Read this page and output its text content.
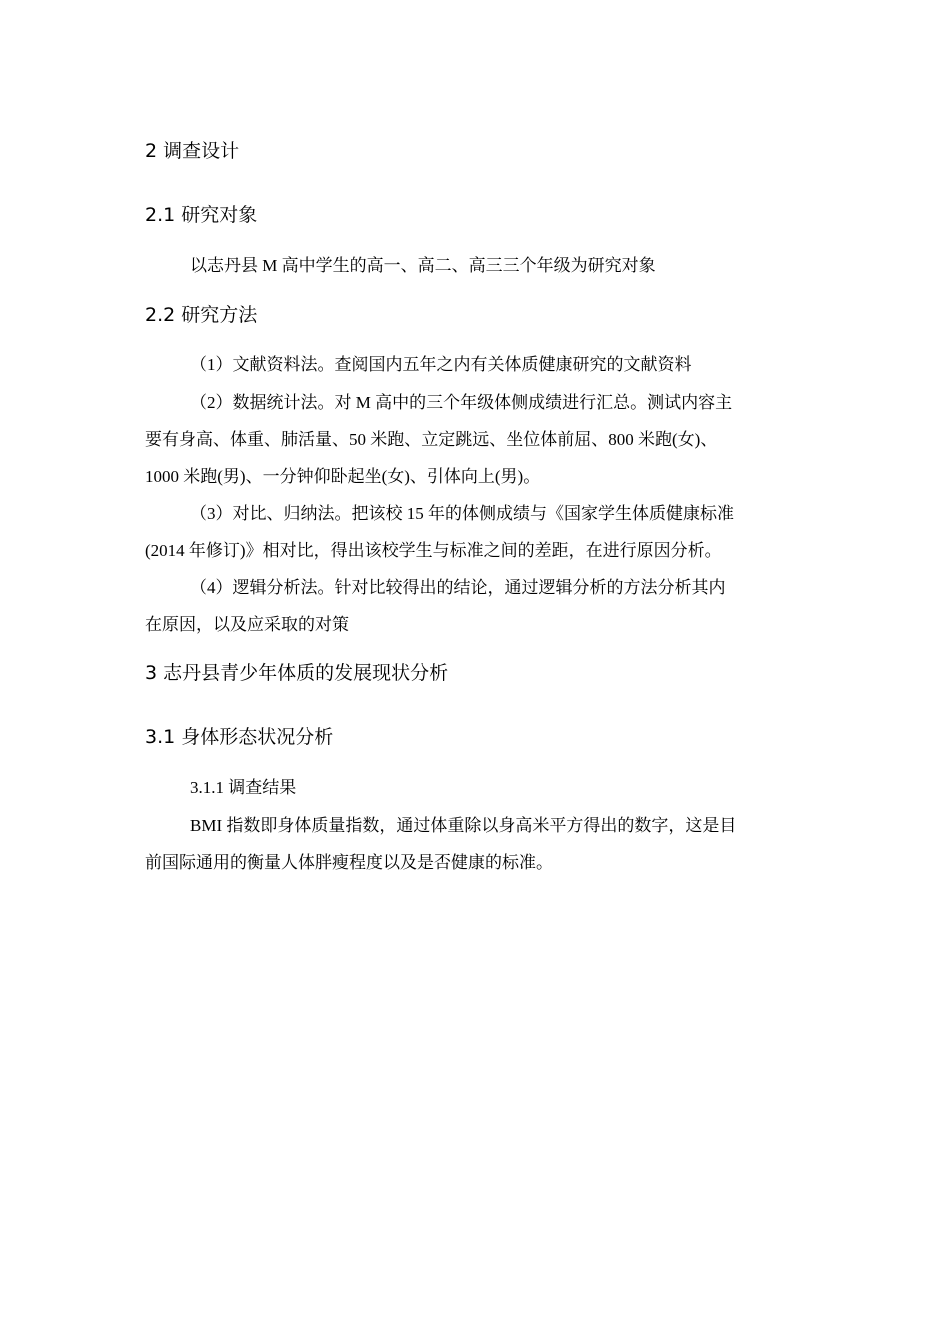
2 调查设计
2.1 研究对象
以志丹县 M 高中学生的高一、高二、高三三个年级为研究对象
2.2 研究方法
（1）文献资料法。查阅国内五年之内有关体质健康研究的文献资料
（2）数据统计法。对 M 高中的三个年级体侧成绩进行汇总。测试内容主
要有身高、体重、肺活量、50 米跑、立定跳远、坐位体前屈、800 米跑(女)、
1000 米跑(男)、一分钟仰卧起坐(女)、引体向上(男)。
（3）对比、归纳法。把该校 15 年的体侧成绩与《国家学生体质健康标准
(2014 年修订)》相对比，得出该校学生与标准之间的差距，在进行原因分析。
（4）逻辑分析法。针对比较得出的结论，通过逻辑分析的方法分析其内
在原因，以及应采取的对策
3 志丹县青少年体质的发展现状分析
3.1 身体形态状况分析
3.1.1 调查结果
BMI 指数即身体质量指数，通过体重除以身高米平方得出的数字，这是目
前国际通用的衡量人体胖瘦程度以及是否健康的标准。
